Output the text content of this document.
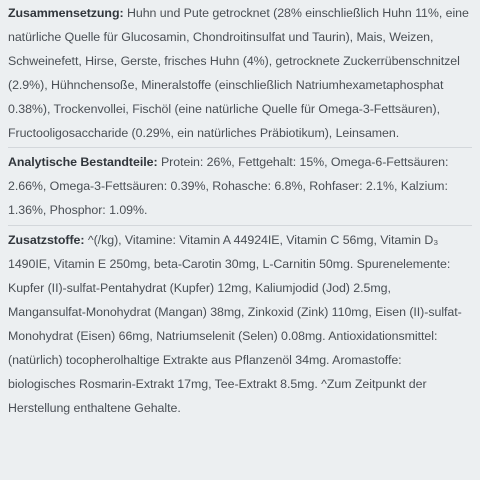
Zusammensetzung: Huhn und Pute getrocknet (28% einschließlich Huhn 11%, eine natürliche Quelle für Glucosamin, Chondroitinsulfat und Taurin), Mais, Weizen, Schweinefett, Hirse, Gerste, frisches Huhn (4%), getrocknete Zuckerrübenschnitzel (2.9%), Hühnchensoße, Mineralstoffe (einschließlich Natriumhexametaphosphat 0.38%), Trockenvollei, Fischöl (eine natürliche Quelle für Omega-3-Fettsäuren), Fructooligosaccharide (0.29%, ein natürliches Präbiotikum), Leinsamen.

Analytische Bestandteile: Protein: 26%, Fettgehalt: 15%, Omega-6-Fettsäuren: 2.66%, Omega-3-Fettsäuren: 0.39%, Rohasche: 6.8%, Rohfaser: 2.1%, Kalzium: 1.36%, Phosphor: 1.09%.

Zusatzstoffe: ^(/kg), Vitamine: Vitamin A 44924IE, Vitamin C 56mg, Vitamin D₃ 1490IE, Vitamin E 250mg, beta-Carotin 30mg, L-Carnitin 50mg. Spurenelemente: Kupfer (II)-sulfat-Pentahydrat (Kupfer) 12mg, Kaliumjodid (Jod) 2.5mg, Mangansulfat-Monohydrat (Mangan) 38mg, Zinkoxid (Zink) 110mg, Eisen (II)-sulfat-Monohydrat (Eisen) 66mg, Natriumselenit (Selen) 0.08mg. Antioxidationsmittel: (natürlich) tocopherolhaltige Extrakte aus Pflanzenöl 34mg. Aromastoffe: biologisches Rosmarin-Extrakt 17mg, Tee-Extrakt 8.5mg. ^Zum Zeitpunkt der Herstellung enthaltene Gehalte.
